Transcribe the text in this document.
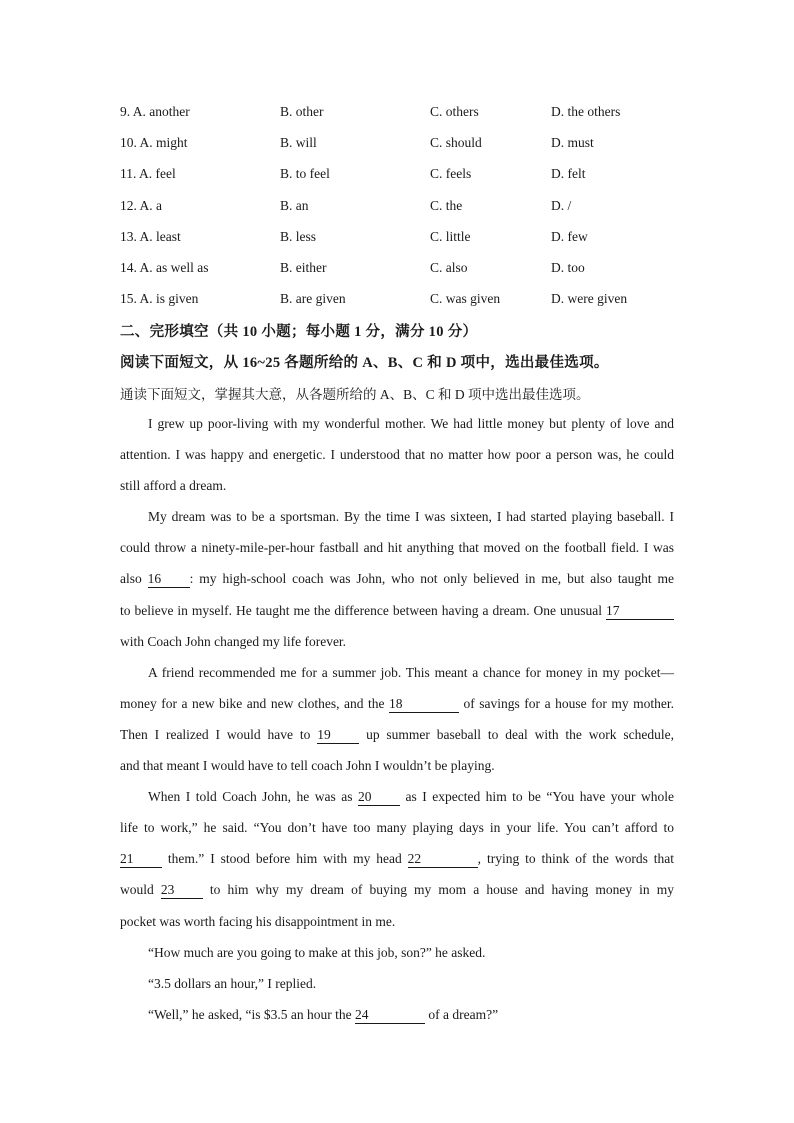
9. A. another	B. other	C. others	D. the others
10. A. might	B. will	C. should	D. must
11. A. feel	B. to feel	C. feels	D. felt
12. A. a	B. an	C. the	D. /
13. A. least	B. less	C. little	D. few
14. A. as well as	B. either	C. also	D. too
15. A. is given	B. are given	C. was given	D. were given
二、完形填空（共 10 小题；每小题 1 分，满分 10 分）
阅读下面短文，从 16~25 各题所给的 A、B、C 和 D 项中，选出最佳选项。
通读下面短文，掌握其大意，从各题所给的 A、B、C 和 D 项中选出最佳选项。
I grew up poor-living with my wonderful mother. We had little money but plenty of love and
attention. I was happy and energetic. I understood that no matter how poor a person was, he could
still afford a dream.
My dream was to be a sportsman. By the time I was sixteen, I had started playing baseball. I
could throw a ninety-mile-per-hour fastball and hit anything that moved on the football field. I was
also 16 : my high-school coach was John, who not only believed in me, but also taught me
to believe in myself. He taught me the difference between having a dream. One unusual 17
with Coach John changed my life forever.
A friend recommended me for a summer job. This meant a chance for money in my pocket—
money for a new bike and new clothes, and the 18	of savings for a house for my mother.
Then I realized I would have to 19 up summer baseball to deal with the work schedule,
and that meant I would have to tell coach John I wouldn’t be playing.
When I told Coach John, he was as 20 as I expected him to be “You have your whole
life to work,” he said. “You don’t have too many playing days in your life. You can’t afford to
21 them.” I stood before him with my head 22	, trying to think of the words that
would 23 to him why my dream of buying my mom a house and having money in my
pocket was worth facing his disappointment in me.
“How much are you going to make at this job, son?” he asked.
“3.5 dollars an hour,” I replied.
“Well,” he asked, “is $3.5 an hour the 24	of a dream?”
